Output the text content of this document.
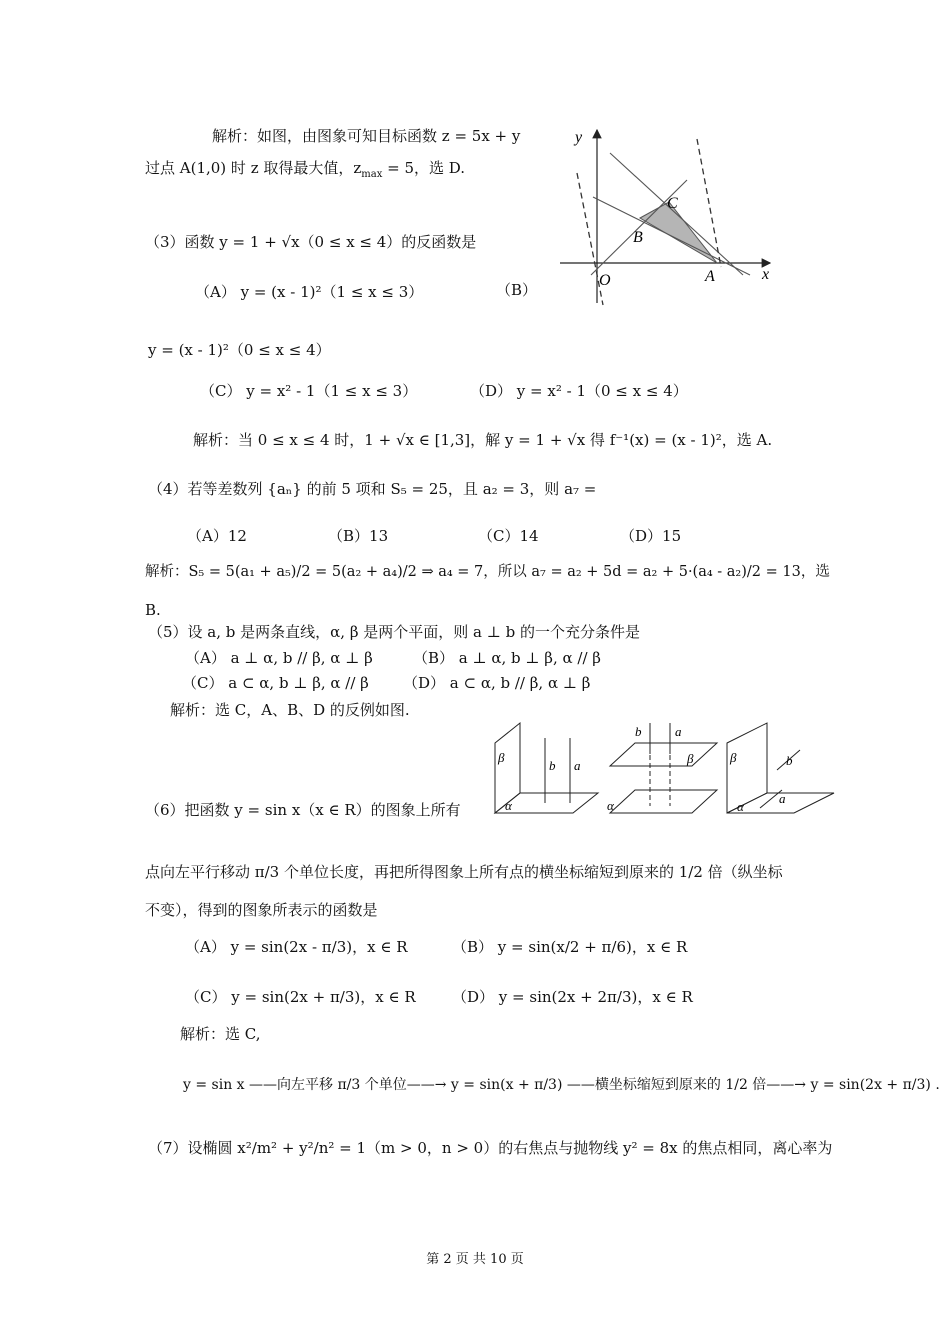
解析：如图，由图象可知目标函数 z = 5x + y
过点 A(1,0) 时 z 取得最大值，$z_{max} = 5$，选 D.
（3）函数 y = 1 + √x（0 ≤ x ≤ 4）的反函数是
（A） y = (x - 1)²（1 ≤ x ≤ 3）	（B）
y = (x - 1)²（0 ≤ x ≤ 4）
（C） y = x² - 1（1 ≤ x ≤ 3）	（D） y = x² - 1（0 ≤ x ≤ 4）
解析：当 0 ≤ x ≤ 4 时，1 + √x ∈ [1,3]，解 y = 1 + √x 得 f⁻¹(x) = (x - 1)²，选 A.
（4）若等差数列 {aₙ} 的前 5 项和 S₅ = 25，且 a₂ = 3，则 a₇ =
（A）12	（B）13	（C）14	（D）15
解析：S₅ = 5(a₁ + a₅)/2 = 5(a₂ + a₄)/2 ⇒ a₄ = 7，所以 a₇ = a₂ + 5d = a₂ + 5·(a₄ - a₂)/2 = 13，选
B.
（5）设 a, b 是两条直线，α, β 是两个平面，则 a ⊥ b 的一个充分条件是
（A） a ⊥ α, b // β, α ⊥ β	（B） a ⊥ α, b ⊥ β, α // β
（C） a ⊂ α, b ⊥ β, α // β （D） a ⊂ α, b // β, α ⊥ β
解析：选 C，A、B、D 的反例如图.
（6）把函数 y = sin x（x ∈ R）的图象上所有
点向左平行移动 π/3 个单位长度，再把所得图象上所有点的横坐标缩短到原来的 1/2 倍（纵坐标
不变），得到的图象所表示的函数是
（A） y = sin(2x - π/3)，x ∈ R	（B） y = sin(x/2 + π/6)，x ∈ R
（C） y = sin(2x + π/3)，x ∈ R （D） y = sin(2x + 2π/3)，x ∈ R
解析：选 C,
y = sin x ——向左平移 π/3 个单位——→ y = sin(x + π/3) ——横坐标缩短到原来的 1/2 倍——→ y = sin(2x + π/3) .
（7）设椭圆 x²/m² + y²/n² = 1（m > 0，n > 0）的右焦点与抛物线 y² = 8x 的焦点相同，离心率为
y
x
O	A
B
C
β
α
b a
b	a
β
α
β
α
b
a
第 2 页 共 10 页
